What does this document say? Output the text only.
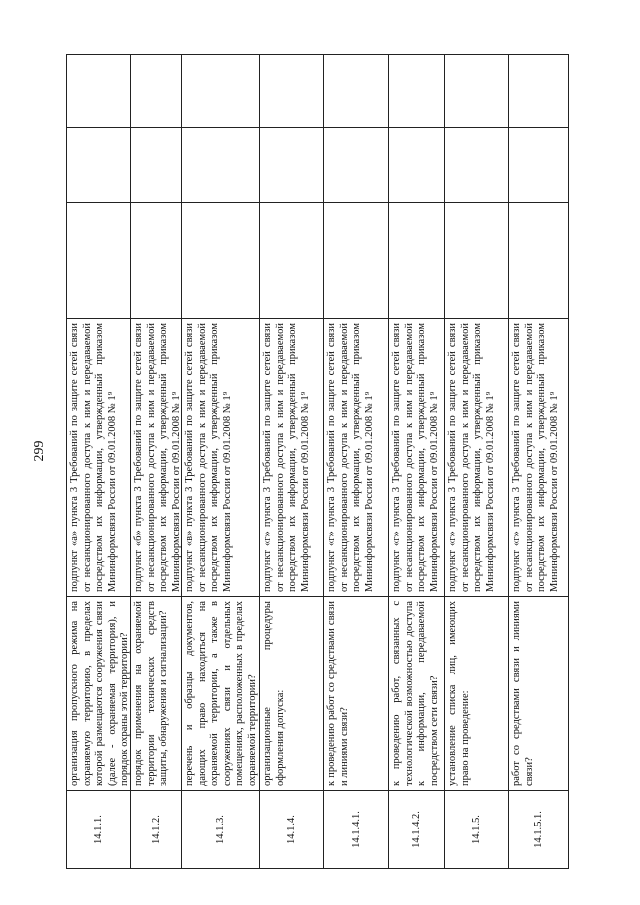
299
14.1.1.
организация пропускного режима на охраняемую территорию, в пределах которой размещаются сооружения связи (далее - охраняемая территория), и порядок охраны этой территории?
подпункт «а» пункта 3 Требований по защите сетей связи от несанкционированного доступа к ним и передаваемой посредством их информации, утвержденный приказом Мининформсвязи России от 09.01.2008 № 1⁹
14.1.2.
порядок применения на охраняемой территории технических средств защиты, обнаружения и сигнализации?
подпункт «б» пункта 3 Требований по защите сетей связи от несанкционированного доступа к ним и передаваемой посредством их информации, утвержденный приказом Мининформсвязи России от 09.01.2008 № 1⁹
14.1.3.
перечень и образцы документов, дающих право находиться на охраняемой территории, а также в сооружениях связи и отдельных помещениях, расположенных в пределах охраняемой территории?
подпункт «в» пункта 3 Требований по защите сетей связи от несанкционированного доступа к ним и передаваемой посредством их информации, утвержденный приказом Мининформсвязи России от 09.01.2008 № 1⁹
14.1.4.
организационные процедуры оформления допуска:
подпункт «г» пункта 3 Требований по защите сетей связи от несанкционированного доступа к ним и передаваемой посредством их информации, утвержденный приказом Мининформсвязи России от 09.01.2008 № 1⁹
14.1.4.1.
к проведению работ со средствами связи и линиями связи?
подпункт «г» пункта 3 Требований по защите сетей связи от несанкционированного доступа к ним и передаваемой посредством их информации, утвержденный приказом Мининформсвязи России от 09.01.2008 № 1⁹
14.1.4.2.
к проведению работ, связанных с технологической возможностью доступа к информации, передаваемой посредством сети связи?
подпункт «г» пункта 3 Требований по защите сетей связи от несанкционированного доступа к ним и передаваемой посредством их информации, утвержденный приказом Мининформсвязи России от 09.01.2008 № 1⁹
14.1.5.
установление списка лиц, имеющих право на проведение:
подпункт «г» пункта 3 Требований по защите сетей связи от несанкционированного доступа к ним и передаваемой посредством их информации, утвержденный приказом Мининформсвязи России от 09.01.2008 № 1⁹
14.1.5.1.
работ со средствами связи и линиями связи?
подпункт «г» пункта 3 Требований по защите сетей связи от несанкционированного доступа к ним и передаваемой посредством их информации, утвержденный приказом Мининформсвязи России от 09.01.2008 № 1⁹
